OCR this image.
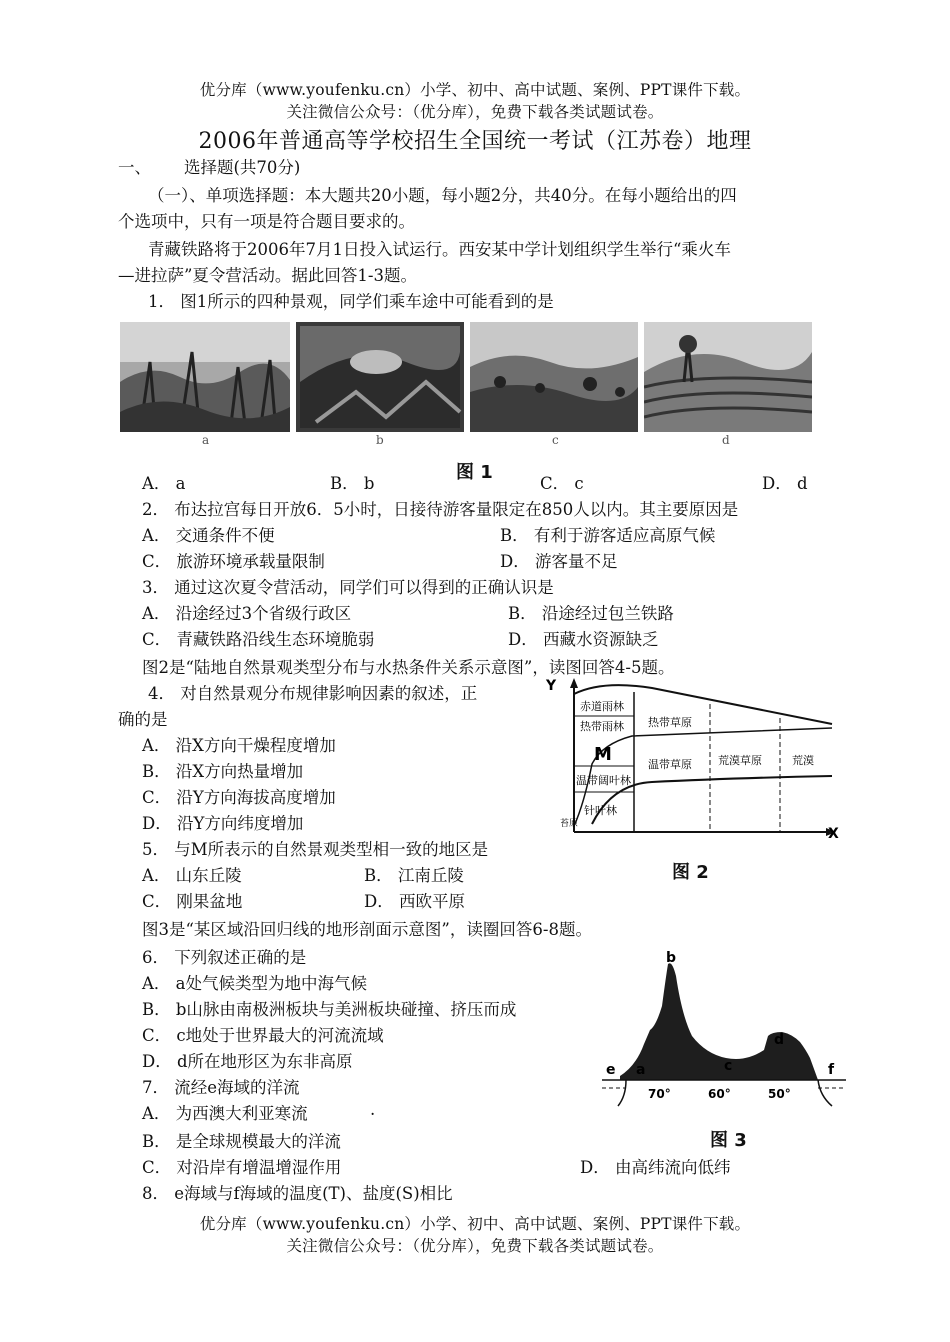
优分库（www.youfenku.cn）小学、初中、高中试题、案例、PPT课件下载。
关注微信公众号：（优分库），免费下载各类试题试卷。
2006年普通高等学校招生全国统一考试（江苏卷）地理
一、 选择题(共70分)
（一）、单项选择题：本大题共20小题，每小题2分，共40分。在每小题给出的四
个选项中，只有一项是符合题目要求的。
青藏铁路将于2006年7月1日投入试运行。西安某中学计划组织学生举行“乘火车
—进拉萨”夏令营活动。据此回答1-3题。
1． 图1所示的四种景观，同学们乘车途中可能看到的是
a	b	c	d
A． a	B． b
图 1
C． c	D． d
2． 布达拉宫每日开放6．5小时，日接待游客量限定在850人以内。其主要原因是
A． 交通条件不便	B． 有利于游客适应高原气候
C． 旅游环境承载量限制	D． 游客量不足
3． 通过这次夏令营活动，同学们可以得到的正确认识是
A． 沿途经过3个省级行政区	B． 沿途经过包兰铁路
C． 青藏铁路沿线生态环境脆弱	D． 西藏水资源缺乏
图2是“陆地自然景观类型分布与水热条件关系示意图”，读图回答4-5题。
4． 对自然景观分布规律影响因素的叙述，正
确的是
A． 沿X方向干燥程度增加
B． 沿X方向热量增加
C． 沿Y方向海拔高度增加
D． 沿Y方向纬度增加
5． 与M所表示的自然景观类型相一致的地区是
A． 山东丘陵	B． 江南丘陵
C． 刚果盆地	D． 西欧平原
Y
X
赤道雨林
热带雨林
M
温带阔叶林
针叶林
苔原
热带草原
温带草原 荒漠草原	荒漠
图 2
图3是“某区域沿回归线的地形剖面示意图”，读圈回答6-8题。
6． 下列叙述正确的是
A． a处气候类型为地中海气候
B． b山脉由南极洲板块与美洲板块碰撞、挤压而成
C． c地处于世界最大的河流流域
D． d所在地形区为东非高原
7． 流经e海域的洋流
A． 为西澳大利亚寒流	.
B． 是全球规模最大的洋流
C． 对沿岸有增温增湿作用	D． 由高纬流向低纬
8． e海域与f海域的温度(T)、盐度(S)相比
b
d
c
a
e	f
70°	60°	50°
图 3
优分库（www.youfenku.cn）小学、初中、高中试题、案例、PPT课件下载。
关注微信公众号：（优分库），免费下载各类试题试卷。
